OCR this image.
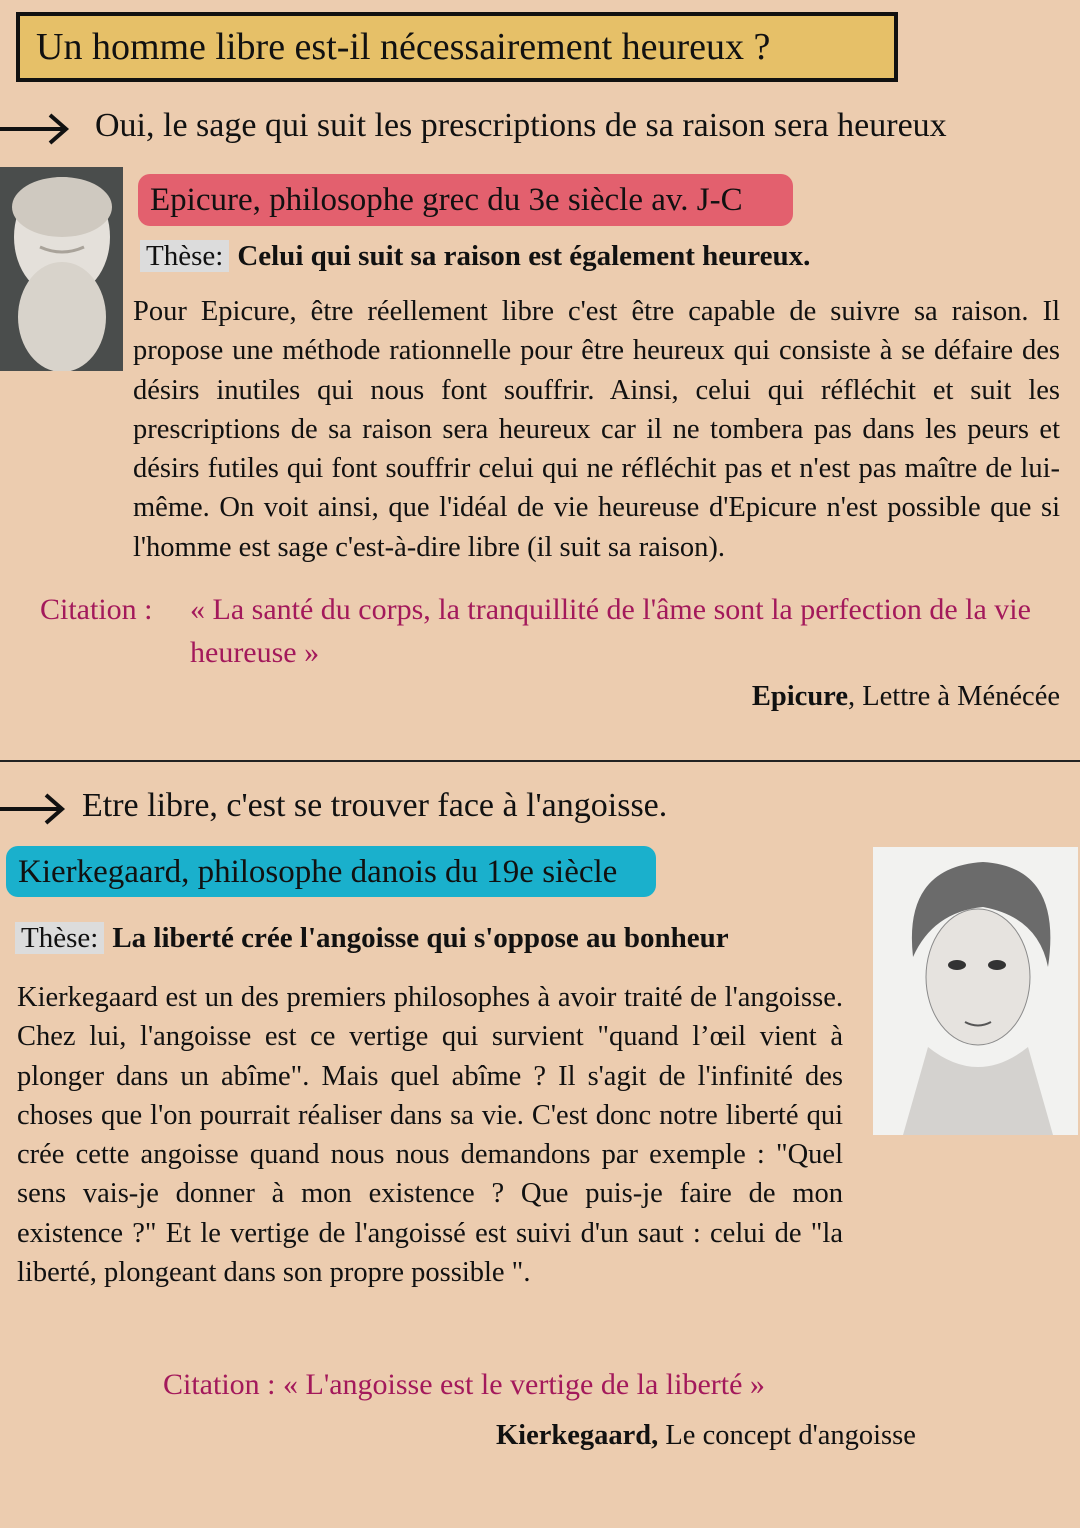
Un homme libre est-il nécessairement heureux ?
Oui, le sage qui suit les prescriptions de sa raison sera heureux
Epicure, philosophe grec du 3e siècle av. J-C
Thèse: Celui qui suit sa raison est également heureux.
Pour Epicure, être réellement libre c'est être capable de suivre sa raison. Il propose une méthode rationnelle pour être heureux qui consiste à se défaire des désirs inutiles qui nous font souffrir. Ainsi, celui qui réfléchit et suit les prescriptions de sa raison sera heureux car il ne tombera pas dans les peurs et désirs futiles qui font souffrir celui qui ne réfléchit pas et n'est pas maître de lui-même. On voit ainsi, que l'idéal de vie heureuse d'Epicure n'est possible que si l'homme est sage c'est-à-dire libre (il suit sa raison).
Citation :	« La santé du corps, la tranquillité de l'âme sont la perfection de la vie heureuse »
Epicure, Lettre à Ménécée
Etre libre, c'est se trouver face à l'angoisse.
Kierkegaard, philosophe danois du 19e siècle
Thèse: La liberté crée l'angoisse qui s'oppose au bonheur
Kierkegaard est un des premiers philosophes à avoir traité de l'angoisse. Chez lui, l'angoisse est ce vertige qui survient "quand l’œil vient à plonger dans un abîme". Mais quel abîme ? Il s'agit de l'infinité des choses que l'on pourrait réaliser dans sa vie. C'est donc notre liberté qui crée cette angoisse quand nous nous demandons par exemple : "Quel sens vais-je donner à mon existence ? Que puis-je faire de mon existence ?" Et le vertige de l'angoissé est suivi d'un saut : celui de "la liberté, plongeant dans son propre possible ".
Citation : « L'angoisse est le vertige de la liberté »
Kierkegaard, Le concept d'angoisse
